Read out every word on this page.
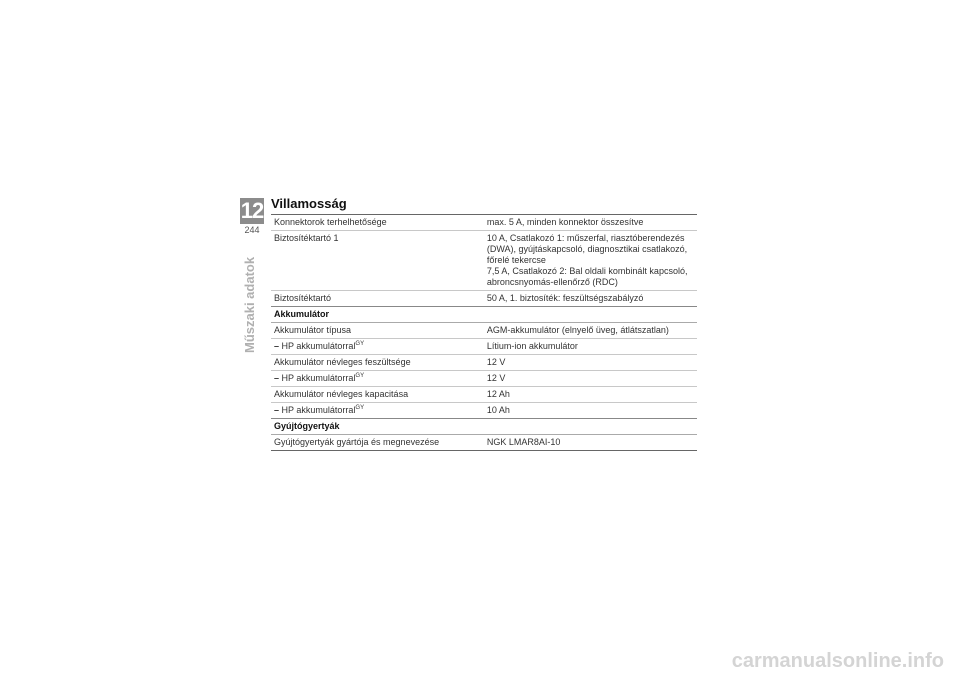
12
244
Műszaki adatok
Villamosság
Konnektorok terhelhetősége	max. 5 A, minden konnektor összesítve

Biztosítéktartó 1	10 A, Csatlakozó 1: műszerfal, riasztóberendezés
(DWA), gyújtáskapcsoló, diagnosztikai csatlakozó,
főrelé tekercse
7,5 A, Csatlakozó 2: Bal oldali kombinált kapcsoló,
abroncsnyomás-ellenőrző (RDC)

Biztosítéktartó	50 A, 1. biztosíték: feszültségszabályzó

Akkumulátor	
Akkumulátor típusa	AGM-akkumulátor (elnyelő üveg, átlátszatlan)
– HP akkumulátorral$^{GY}$	Lítium-ion akkumulátor
Akkumulátor névleges feszültsége	12 V
– HP akkumulátorral$^{GY}$	12 V
Akkumulátor névleges kapacitása	12 Ah
– HP akkumulátorral$^{GY}$	10 Ah
Gyújtógyertyák	
Gyújtógyertyák gyártója és megnevezése	NGK LMAR8AI-10
carmanualsonline.info
